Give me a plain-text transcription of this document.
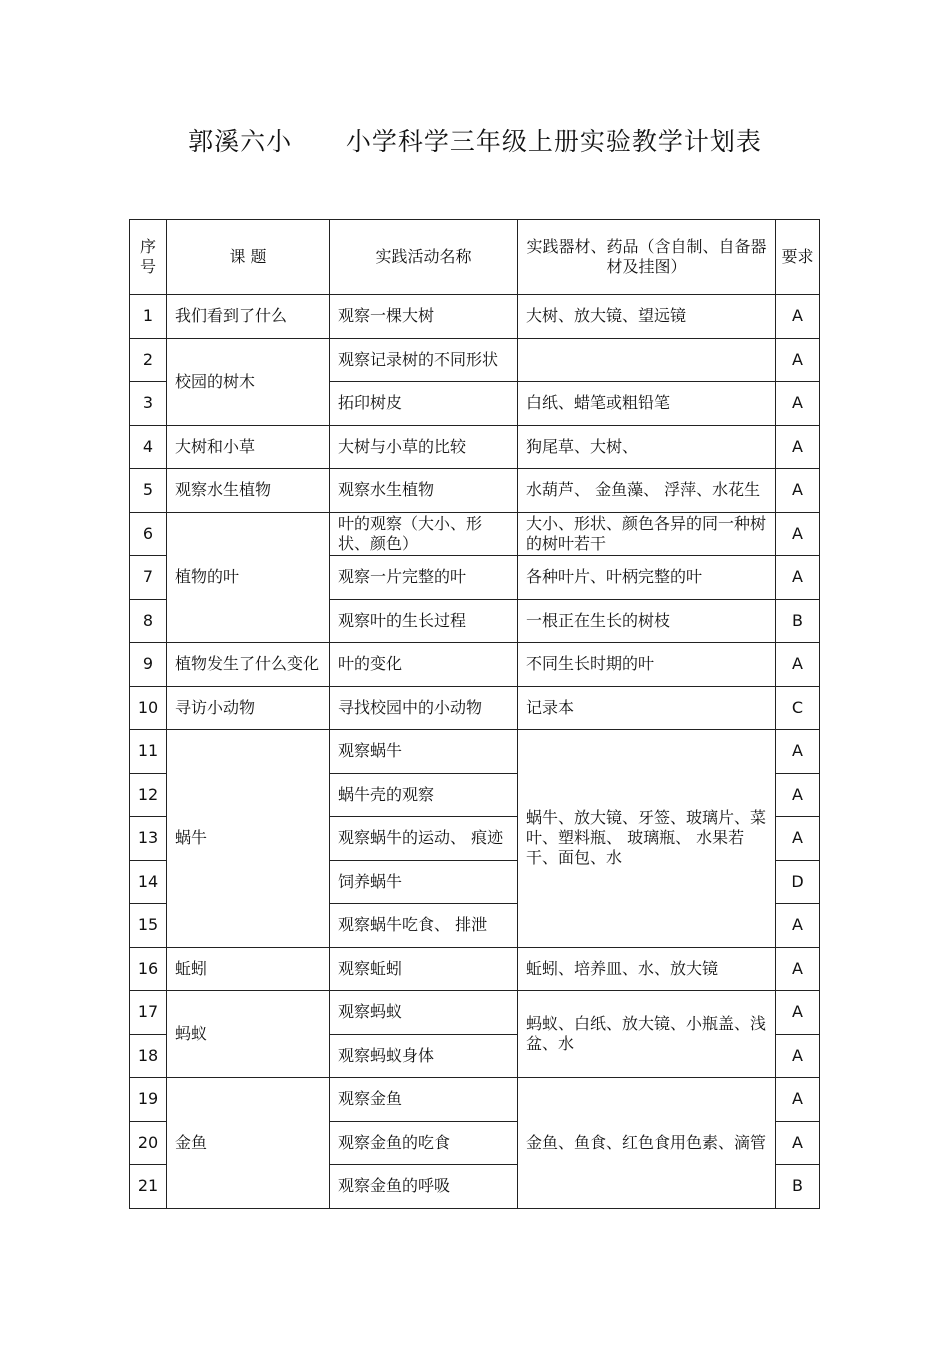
郭溪六小      小学科学三年级上册实验教学计划表
序号	课 题	实践活动名称	实践器材、药品（含自制、自备器材及挂图）	要求
1	我们看到了什么	观察一棵大树	大树、放大镜、望远镜	A
2	校园的树木	观察记录树的不同形状		A
3		拓印树皮	白纸、蜡笔或粗铅笔	A
4	大树和小草	大树与小草的比较	狗尾草、大树、	A
5	观察水生植物	观察水生植物	水葫芦、 金鱼藻、 浮萍、水花生	A
6	植物的叶	叶的观察（大小、形状、颜色）	大小、形状、颜色各异的同一种树的树叶若干	A
7		观察一片完整的叶	各种叶片、叶柄完整的叶	A
8		观察叶的生长过程	一根正在生长的树枝	B
9	植物发生了什么变化	叶的变化	不同生长时期的叶	A
10	寻访小动物	寻找校园中的小动物	记录本	C
11	蜗牛	观察蜗牛	蜗牛、放大镜、牙签、玻璃片、菜叶、塑料瓶、 玻璃瓶、 水果若干、面包、水	A
12		蜗牛壳的观察		A
13		观察蜗牛的运动、 痕迹		A
14		饲养蜗牛		D
15		观察蜗牛吃食、 排泄		A
16	蚯蚓	观察蚯蚓	蚯蚓、培养皿、水、放大镜	A
17	蚂蚁	观察蚂蚁	蚂蚁、白纸、放大镜、小瓶盖、浅盆、水	A
18		观察蚂蚁身体		A
19	金鱼	观察金鱼	金鱼、鱼食、红色食用色素、滴管	A
20		观察金鱼的吃食		A
21		观察金鱼的呼吸		B
